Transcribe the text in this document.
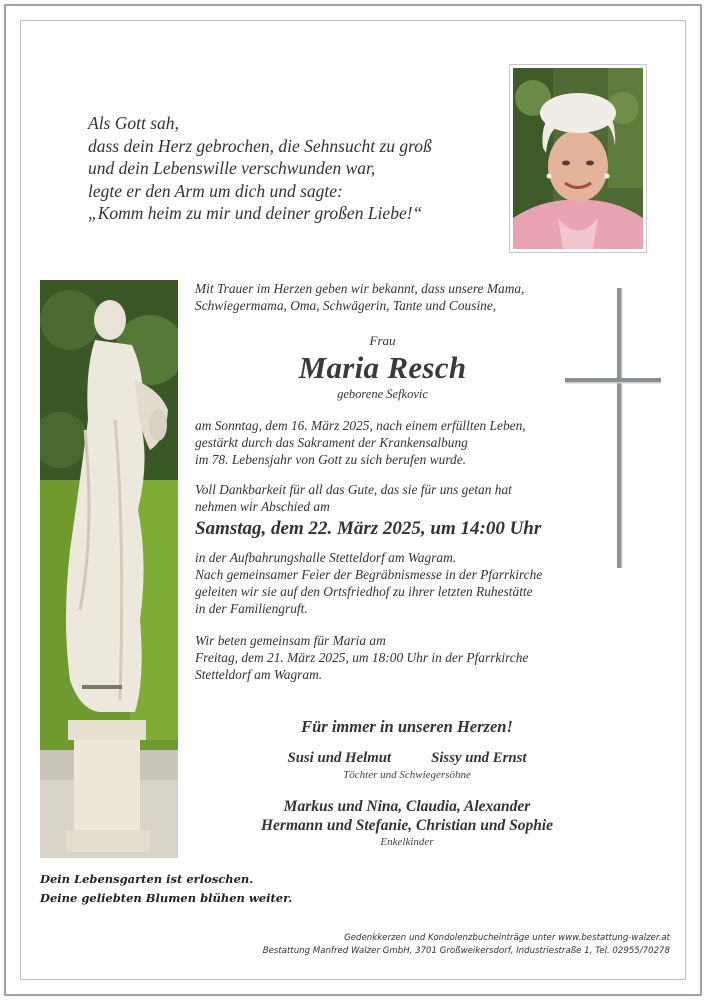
Als Gott sah,
dass dein Herz gebrochen, die Sehnsucht zu groß
und dein Lebenswille verschwunden war,
legte er den Arm um dich und sagte:
„Komm heim zu mir und deiner großen Liebe!“
Mit Trauer im Herzen geben wir bekannt, dass unsere Mama,
Schwiegermama, Oma, Schwägerin, Tante und Cousine,
Frau
Maria Resch
geborene Sefkovic
am Sonntag, dem 16. März 2025, nach einem erfüllten Leben,
gestärkt durch das Sakrament der Krankensalbung
im 78. Lebensjahr von Gott zu sich berufen wurde.
Voll Dankbarkeit für all das Gute, das sie für uns getan hat
nehmen wir Abschied am
Samstag, dem 22. März 2025, um 14:00 Uhr
in der Aufbahrungshalle Stetteldorf am Wagram.
Nach gemeinsamer Feier der Begräbnismesse in der Pfarrkirche
geleiten wir sie auf den Ortsfriedhof zu ihrer letzten Ruhestätte
in der Familiengruft.
Wir beten gemeinsam für Maria am
Freitag, dem 21. März 2025, um 18:00 Uhr in der Pfarrkirche
Stetteldorf am Wagram.
Für immer in unseren Herzen!
Susi und Helmut	Sissy und Ernst
Töchter und Schwiegersöhne
Markus und Nina, Claudia, Alexander
Hermann und Stefanie, Christian und Sophie
Enkelkinder
Dein Lebensgarten ist erloschen.
Deine geliebten Blumen blühen weiter.
Gedenkkerzen und Kondolenzbucheinträge unter www.bestattung-walzer.at
Bestattung Manfred Walzer GmbH, 3701 Großweikersdorf, Industriestraße 1, Tel. 02955/70278
